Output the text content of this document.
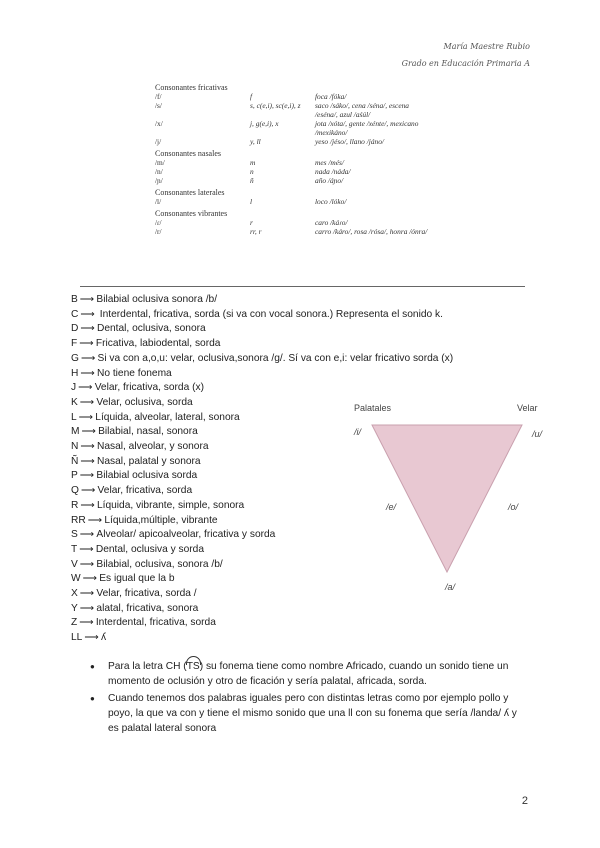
María Maestre Rubio
Grado en Educación Primaria A
Consonantes fricativas
/f/	f	foca /fóka/
/s/	s, c(e,i), sc(e,i), z	saco /sáko/, cena /séna/, escena
/eséna/, azul /aśúl/
/x/	j, g(e,i), x	jota /xóta/, gente /xénte/, mexicano
/mexikáno/
/j/	y, ll	yeso /jéso/, llano /jáno/
Consonantes nasales
/m/	m	mes /més/
/n/	n	nada /náda/
/ɲ/	ñ	año /áɲo/
Consonantes laterales
/l/	l	loco /lóko/
Consonantes vibrantes
/ɾ/	r	caro /káɾo/
/r/	rr, r	carro /káro/, rosa /rósa/, honra /ónra/
B ⟶ Bilabial oclusiva sonora /b/
C ⟶ Interdental, fricativa, sorda (si va con vocal sonora.) Representa el sonido k.
D ⟶ Dental, oclusiva, sonora
F ⟶ Fricativa, labiodental, sorda
G ⟶ Si va con a,o,u: velar, oclusiva,sonora /g/. Sí va con e,i: velar fricativo sorda (x)
H ⟶ No tiene fonema
J ⟶ Velar, fricativa, sorda (x)
K ⟶ Velar, oclusiva, sorda
L ⟶ Líquida, alveolar, lateral, sonora
M ⟶ Bilabial, nasal, sonora
N ⟶ Nasal, alveolar, y sonora
Ñ ⟶ Nasal, palatal y sonora
P ⟶ Bilabial oclusiva sorda
Q ⟶ Velar, fricativa, sorda
R ⟶ Líquida, vibrante, simple, sonora
RR ⟶ Líquida,múltiple, vibrante
S ⟶ Alveolar/ apicoalveolar, fricativa y sorda
T ⟶ Dental, oclusiva y sorda
V ⟶ Bilabial, oclusiva, sonora /b/
W ⟶ Es igual que la b
X ⟶ Velar, fricativa, sorda /
Y ⟶ alatal, fricativa, sonora
Z ⟶ Interdental, fricativa, sorda
LL ⟶ ʎ
Palatales	Velar
/i/	/u/
/e/	/o/
/a/
●	Para la letra CH (
TS) su fonema tiene como nombre Africado, cuando un sonido tiene un momento de oclusión y otro de ficación y sería palatal, africada, sorda.
●	Cuando tenemos dos palabras iguales pero con distintas letras como por ejemplo pollo y poyo, la que va con y tiene el mismo sonido que una ll con su fonema que sería /landa/ ʎ y es palatal lateral sonora
2
